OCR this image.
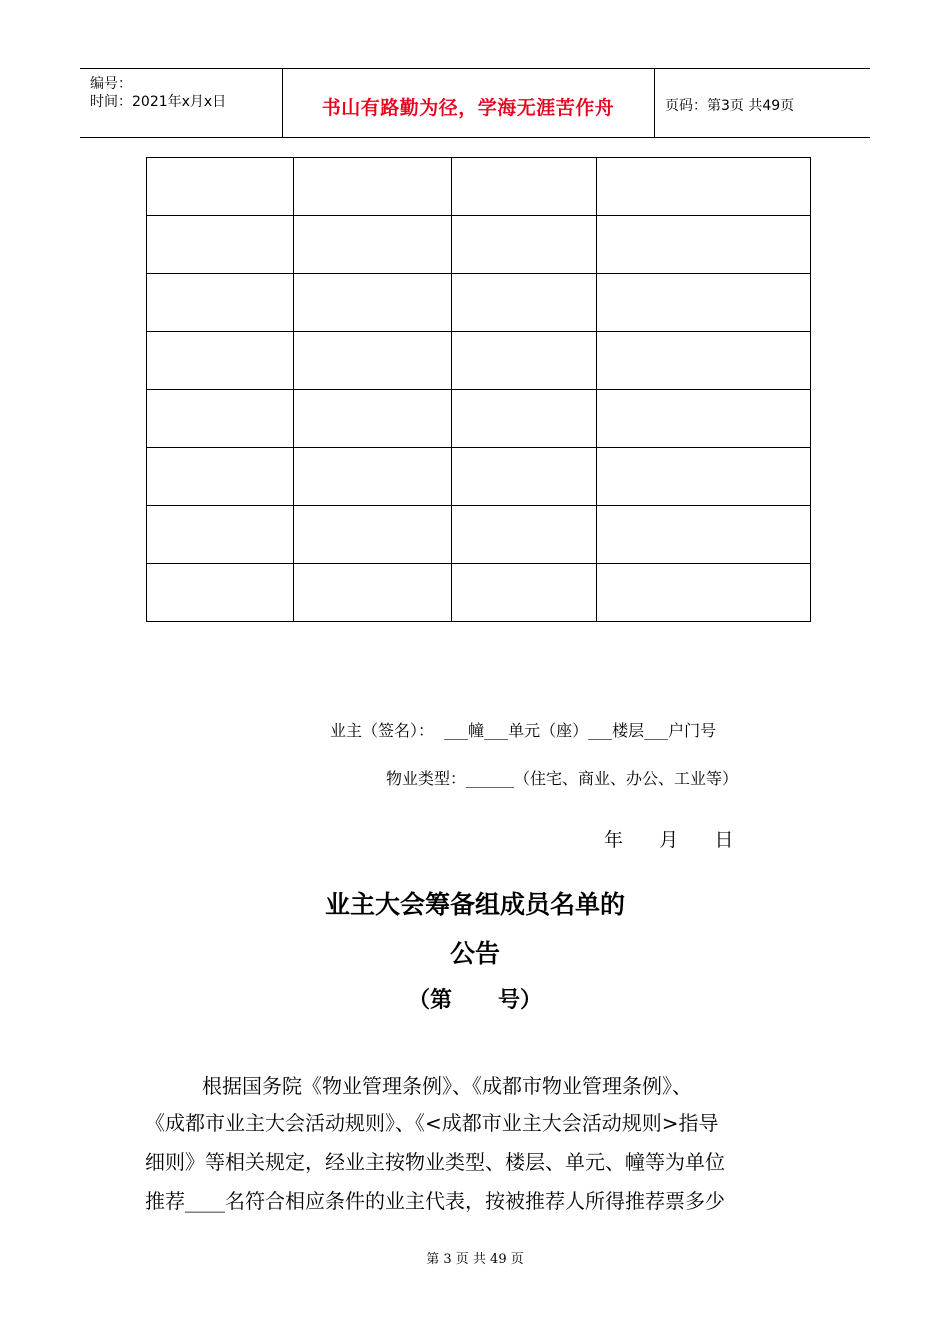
编号：
时间：2021年x月x日	书山有路勤为径，学海无涯苦作舟	页码：第3页 共49页

业主（签名）：  ___幢___单元（座）___楼层___户门号
物业类型：______（住宅、商业、办公、工业等）
年      月      日
业主大会筹备组成员名单的
公告
（第      号）
根据国务院《物业管理条例》、《成都市物业管理条例》、
《成都市业主大会活动规则》、《<成都市业主大会活动规则>指导
细则》等相关规定，经业主按物业类型、楼层、单元、幢等为单位
推荐____名符合相应条件的业主代表，按被推荐人所得推荐票多少
第 3 页 共 49 页
